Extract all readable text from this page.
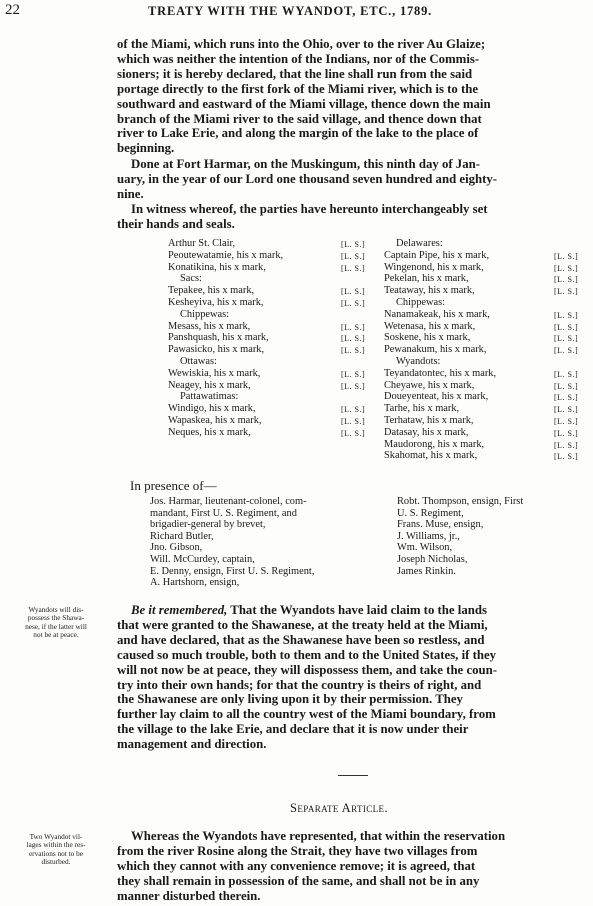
22	TREATY WITH THE WYANDOT, ETC., 1789.
of the Miami, which runs into the Ohio, over to the river Au Glaize;
which was neither the intention of the Indians, nor of the Commis-
sioners; it is hereby declared, that the line shall run from the said
portage directly to the first fork of the Miami river, which is to the
southward and eastward of the Miami village, thence down the main
branch of the Miami river to the said village, and thence down that
river to Lake Erie, and along the margin of the lake to the place of
beginning.
Done at Fort Harmar, on the Muskingum, this ninth day of Jan-
uary, in the year of our Lord one thousand seven hundred and eighty-
nine.
In witness whereof, the parties have hereunto interchangeably set
their hands and seals.
Arthur St. Clair,	[L. S.]
Peoutewatamie, his x mark,	[L. S.]
Konatikina, his x mark,	[L. S.]
Sacs:
Tepakee, his x mark,	[L. S.]
Kesheyiva, his x mark,	[L. S.]
Chippewas:
Mesass, his x mark,	[L. S.]
Panshquash, his x mark,	[L. S.]
Pawasicko, his x mark,	[L. S.]
Ottawas:
Wewiskia, his x mark,	[L. S.]
Neagey, his x mark,	[L. S.]
Pattawatimas:
Windigo, his x mark,	[L. S.]
Wapaskea, his x mark,	[L. S.]
Neques, his x mark,	[L. S.]
Delawares:
Captain Pipe, his x mark,	[L. S.]
Wingenond, his x mark,	[L. S.]
Pekelan, his x mark,	[L. S.]
Teataway, his x mark,	[L. S.]
Chippewas:
Nanamakeak, his x mark,	[L. S.]
Wetenasa, his x mark,	[L. S.]
Soskene, his x mark,	[L. S.]
Pewanakum, his x mark,	[L. S.]
Wyandots:
Teyandatontec, his x mark,	[L. S.]
Cheyawe, his x mark,	[L. S.]
Doueyenteat, his x mark,	[L. S.]
Tarhe, his x mark,	[L. S.]
Terhataw, his x mark,	[L. S.]
Datasay, his x mark,	[L. S.]
Maudorong, his x mark,	[L. S.]
Skahomat, his x mark,	[L. S.]
In presence of—
Jos. Harmar, lieutenant-colonel, com-
mandant, First U. S. Regiment, and
brigadier-general by brevet,
Richard Butler,
Jno. Gibson,
Will. McCurdey, captain,
E. Denny, ensign, First U. S. Regiment,
A. Hartshorn, ensign,
Robt. Thompson, ensign, First
U. S. Regiment,
Frans. Muse, ensign,
J. Williams, jr.,
Wm. Wilson,
Joseph Nicholas,
James Rinkin.
Wyandots will dis-
possess the Shawa-
nese, if the latter will
not be at peace.
Be it remembered, That the Wyandots have laid claim to the lands
that were granted to the Shawanese, at the treaty held at the Miami,
and have declared, that as the Shawanese have been so restless, and
caused so much trouble, both to them and to the United States, if they
will not now be at peace, they will dispossess them, and take the coun-
try into their own hands; for that the country is theirs of right, and
the Shawanese are only living upon it by their permission. They
further lay claim to all the country west of the Miami boundary, from
the village to the lake Erie, and declare that it is now under their
management and direction.
Separate Article.
Two Wyandot vil-
lages within the res-
ervations not to be
disturbed.
Whereas the Wyandots have represented, that within the reservation
from the river Rosine along the Strait, they have two villages from
which they cannot with any convenience remove; it is agreed, that
they shall remain in possession of the same, and shall not be in any
manner disturbed therein.
